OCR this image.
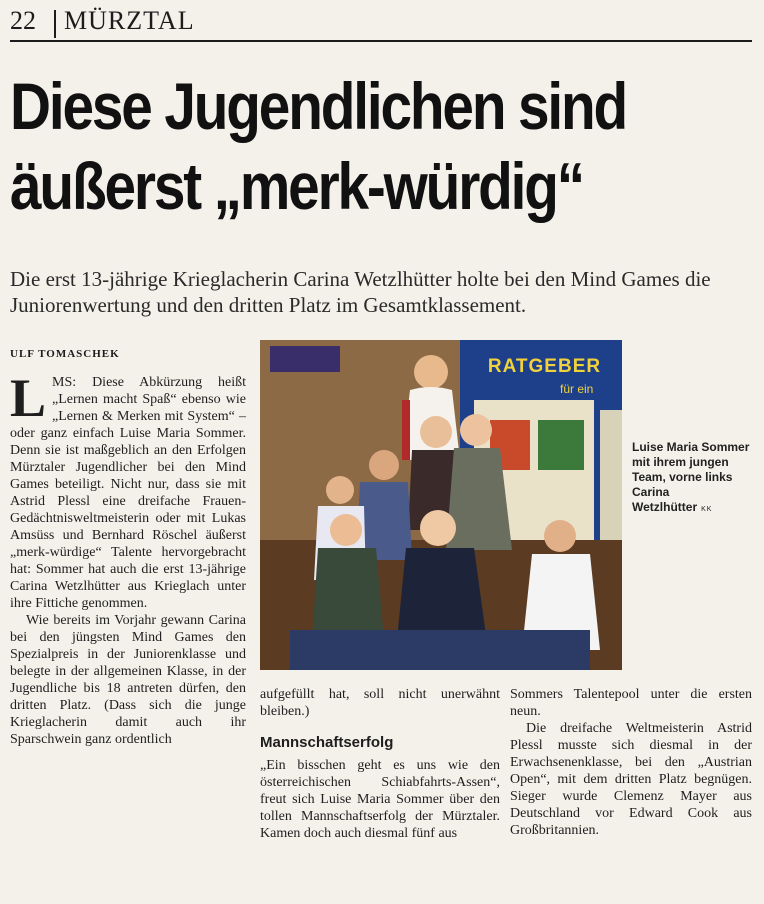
22 MÜRZTAL
Diese Jugendlichen sind
äußerst „merk-würdig“
Die erst 13-jährige Krieglacherin Carina Wetzlhütter holte bei den Mind Games die Juniorenwertung und den dritten Platz im Gesamtklassement.
ULF TOMASCHEK

LMS: Diese Abkürzung heißt „Lernen macht Spaß“ ebenso wie „Lernen & Merken mit System“ – oder ganz einfach Luise Maria Sommer. Denn sie ist maßgeblich an den Erfolgen Mürztaler Jugendlicher bei den Mind Games beteiligt. Nicht nur, dass sie mit Astrid Plessl eine dreifache Frauen-Gedächtnisweltmeisterin oder mit Lukas Amsüss und Bernhard Röschel äußerst „merk-würdige“ Talente hervorgebracht hat: Sommer hat auch die erst 13-jährige Carina Wetzlhütter aus Krieglach unter ihre Fittiche genommen.

Wie bereits im Vorjahr gewann Carina bei den jüngsten Mind Games den Spezialpreis in der Juniorenklasse und belegte in der allgemeinen Klasse, in der Jugendliche bis 18 antreten dürfen, den dritten Platz. (Dass sich die junge Krieglacherin damit auch ihr Sparschwein ganz ordentlich

RATGEBER
für ein
Luise Maria Sommer mit ihrem jungen Team, vorne links Carina Wetzlhütter KK

aufgefüllt hat, soll nicht unerwähnt bleiben.)

Mannschaftserfolg

„Ein bisschen geht es uns wie den österreichischen Schiabfahrts-Assen“, freut sich Luise Maria Sommer über den tollen Mannschaftserfolg der Mürztaler. Kamen doch auch diesmal fünf aus

Sommers Talentepool unter die ersten neun.

Die dreifache Weltmeisterin Astrid Plessl musste sich diesmal in der Erwachsenenklasse, bei den „Austrian Open“, mit dem dritten Platz begnügen. Sieger wurde Clemenz Mayer aus Deutschland vor Edward Cook aus Großbritannien.
